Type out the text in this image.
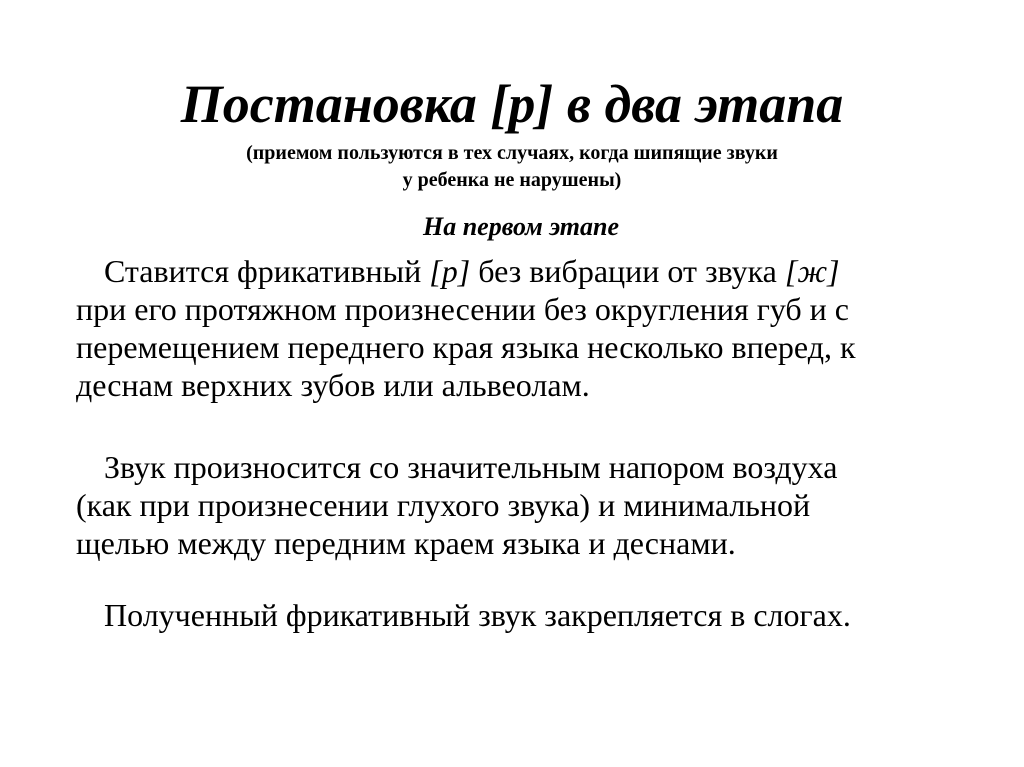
Постановка [р] в два этапа
(приемом пользуются в тех случаях, когда шипящие звуки
у ребенка не нарушены)
На первом этапе

Ставится фрикативный [р] без вибрации от звука [ж]
при его протяжном произнесении без округления губ и с
перемещением переднего края языка несколько вперед, к
деснам верхних зубов или альвеолам.

Звук произносится со значительным напором воздуха
(как при произнесении глухого звука) и минимальной
щелью между передним краем языка и деснами.

Полученный фрикативный звук закрепляется в слогах.
